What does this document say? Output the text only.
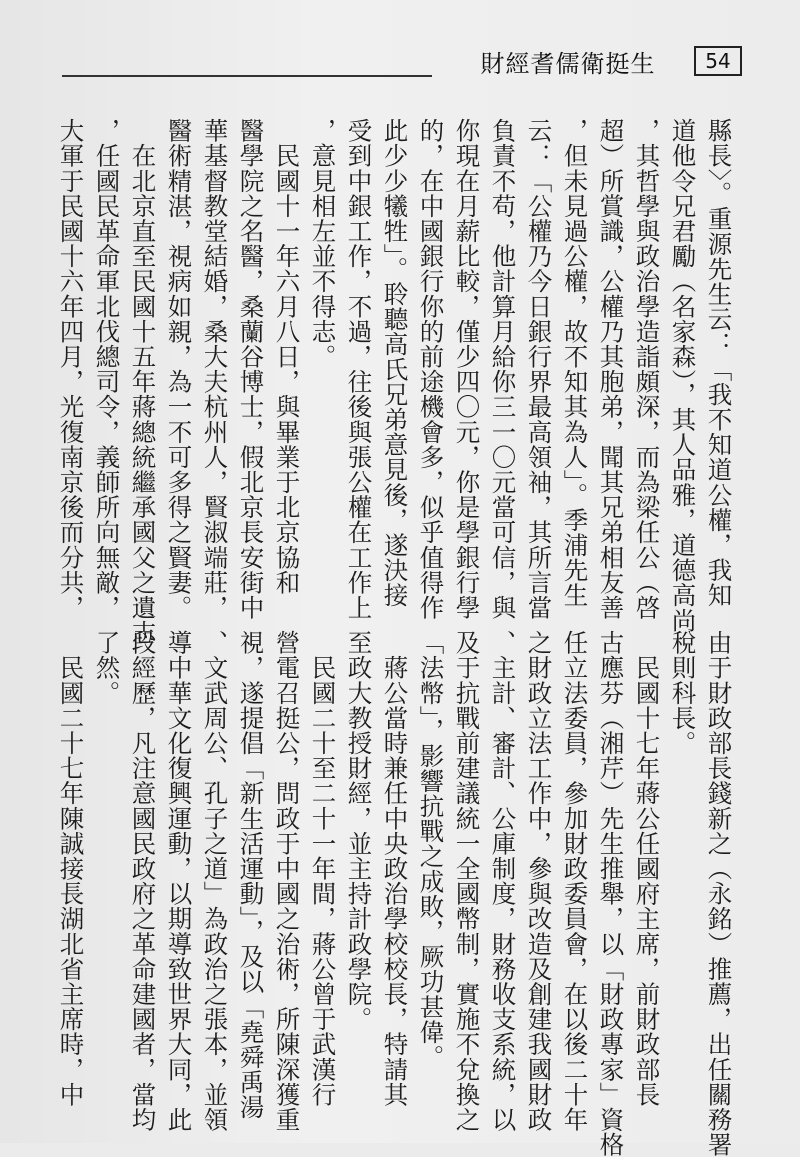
財經耆儒衛挺生	54
縣長〉。重源先生云：「我不知道公權，我知
道他令兄君勵（名家森），其人品雅，道德高尚
，其哲學與政治學造詣頗深，而為梁任公（啓
超）所賞識，公權乃其胞弟，聞其兄弟相友善
，但未見過公權，故不知其為人」。季浦先生
云：「公權乃今日銀行界最高領袖，其所言當
負責不苟，他計算月給你三一〇元當可信，與
你現在月薪比較，僅少四〇元，你是學銀行學
的，在中國銀行你的前途機會多，似乎值得作
此少少犧牲」。聆聽高氏兄弟意見後，遂決接
受到中銀工作，不過，往後與張公權在工作上
，意見相左並不得志。
　民國十一年六月八日，與畢業于北京協和
醫學院之名醫，桑蘭谷博士，假北京長安街中
華基督教堂結婚，桑大夫杭州人，賢淑端莊，
醫術精湛，視病如親，為一不可多得之賢妻。
　在北京直至民國十五年蔣總統繼承國父之遺志
，任國民革命軍北伐總司令，義師所向無敵，
大軍于民國十六年四月，光復南京後而分共，
由于財政部長錢新之（永銘）推薦，出任關務署
稅則科長。
　民國十七年蔣公任國府主席，前財政部長
古應芬（湘芹）先生推舉，以「財政專家」資格
任立法委員，參加財政委員會，在以後二十年
之財政立法工作中，參與改造及創建我國財政
、主計、審計、公庫制度，財務收支系統，以
及于抗戰前建議統一全國幣制，實施不兌換之
「法幣」，影響抗戰之成敗，厥功甚偉。
　蔣公當時兼任中央政治學校校長，特請其
至政大教授財經，並主持計政學院。
　民國二十至二十一年間，蔣公曾于武漢行
營電召挺公，問政于中國之治術，所陳深獲重
視，遂提倡「新生活運動」，及以「堯舜禹湯
、文武周公、孔子之道」為政治之張本，並領
導中華文化復興運動，以期導致世界大同，此
段經歷，凡注意國民政府之革命建國者，當均
了然。
　民國二十七年陳誠接長湖北省主席時，中
